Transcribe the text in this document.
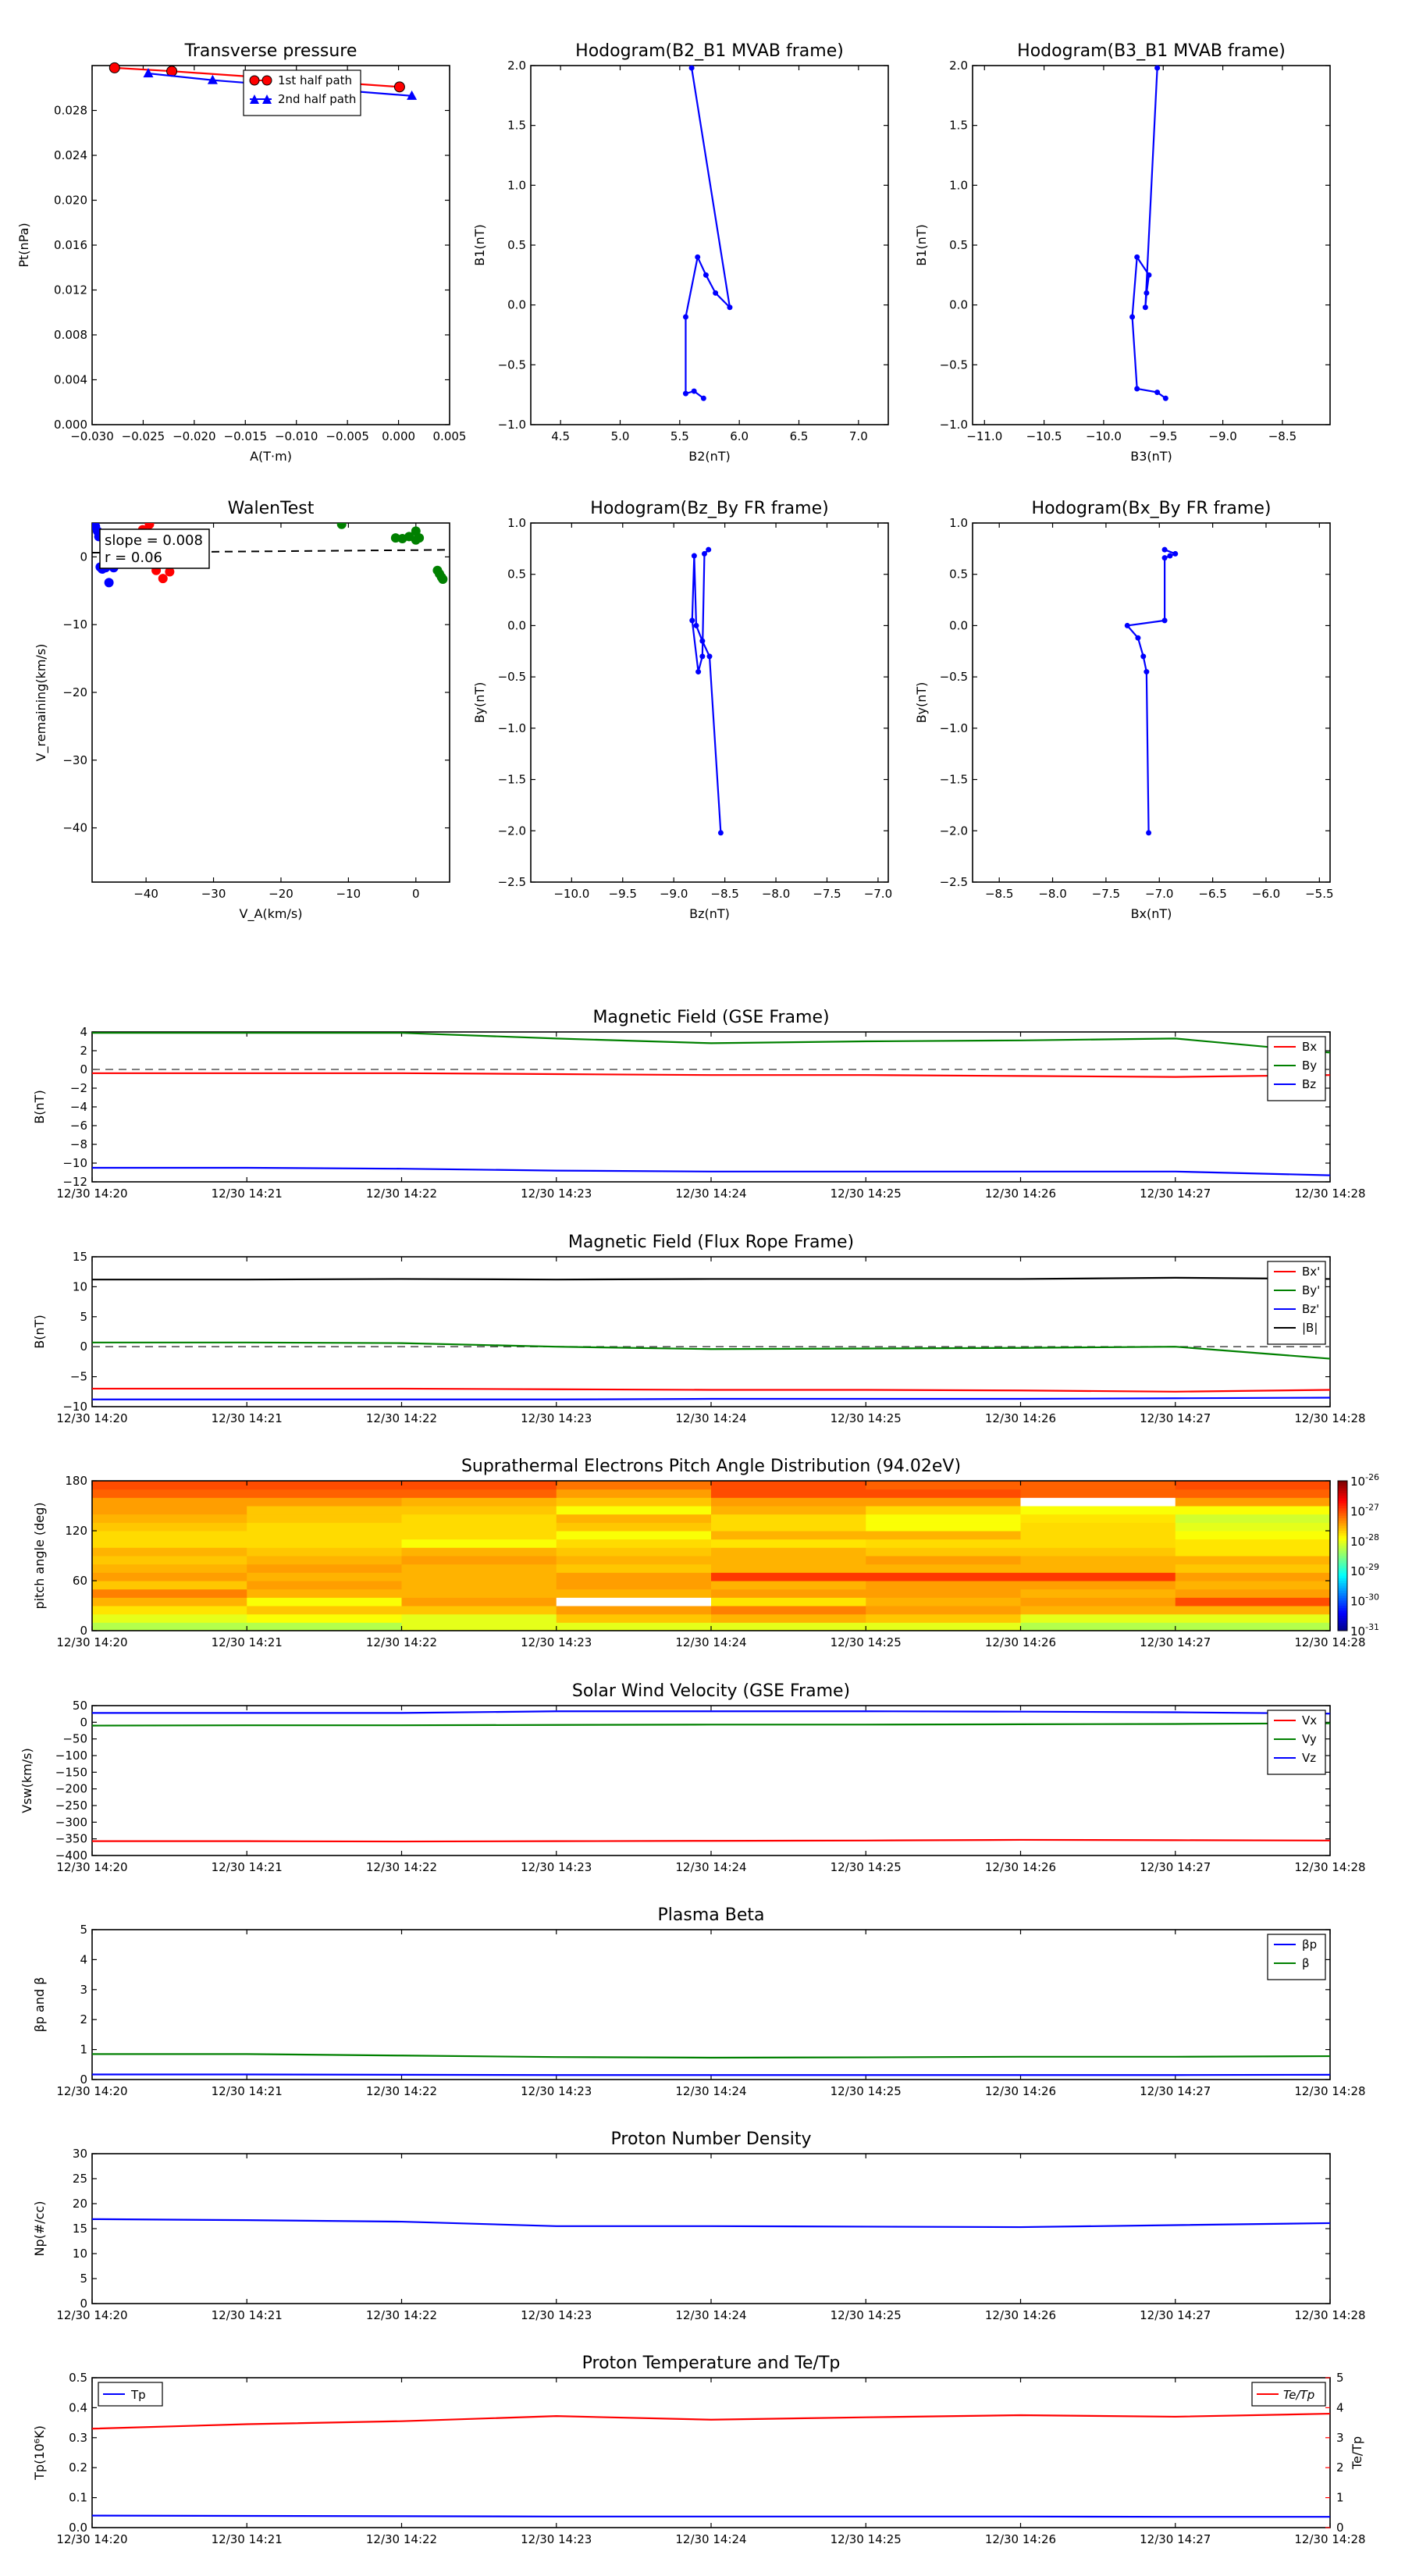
Transverse pressure
−0.030 −0.025 −0.020 −0.015 −0.010 −0.005 0.000 0.005
0.000
0.004
0.008
0.012
0.016
0.020
0.024
0.028
A(T·m)
Pt(nPa)
1st half path
2nd half path
Hodogram(B2_B1 MVAB frame)
4.5	5.0	5.5	6.0	6.5	7.0
−1.0
−0.5
0.0
0.5
1.0
1.5
2.0
B2(nT)
B1(nT)
Hodogram(B3_B1 MVAB frame)
−11.0 −10.5 −10.0 −9.5	−9.0	−8.5
−1.0
−0.5
0.0
0.5
1.0
1.5
2.0
B3(nT)
B1(nT)
Hodogram(Bz_By FR frame)
−10.0 −9.5 −9.0 −8.5 −8.0 −7.5 −7.0
−2.5
−2.0
−1.5
−1.0
−0.5
0.0
0.5
1.0
Bz(nT)
By(nT)
Hodogram(Bx_By FR frame)
−8.5 −8.0 −7.5 −7.0 −6.5 −6.0 −5.5
−2.5
−2.0
−1.5
−1.0
−0.5
0.0
0.5
1.0
Bx(nT)
By(nT)
WalenTest
−40	−30	−20	−10	0
−40
−30
−20
−10
0
V_A(km/s)
V_remaining(km/s)
slope = 0.008
r = 0.06
Magnetic Field (GSE Frame)
12/30 14:20	12/30 14:21	12/30 14:22	12/30 14:23	12/30 14:24	12/30 14:25	12/30 14:26	12/30 14:27	12/30 14:28
−12
−10
−8
−6
−4
−2
0
2
4
B(nT)
Bx
By
Bz
Magnetic Field (Flux Rope Frame)
12/30 14:20	12/30 14:21	12/30 14:22	12/30 14:23	12/30 14:24	12/30 14:25	12/30 14:26	12/30 14:27	12/30 14:28
−10
−5
0
5
10
15
B(nT)
Bx'
By'
Bz'
|B|
Solar Wind Velocity (GSE Frame)
12/30 14:20	12/30 14:21	12/30 14:22	12/30 14:23	12/30 14:24	12/30 14:25	12/30 14:26	12/30 14:27	12/30 14:28
−400
−350
−300
−250
−200
−150
−100
−50
0
50
Vsw(km/s)
Vx
Vy
Vz
Plasma Beta
12/30 14:20	12/30 14:21	12/30 14:22	12/30 14:23	12/30 14:24	12/30 14:25	12/30 14:26	12/30 14:27	12/30 14:28
0
1
2
3
4
5
βp and β
βp
β
Proton Number Density
12/30 14:20	12/30 14:21	12/30 14:22	12/30 14:23	12/30 14:24	12/30 14:25	12/30 14:26	12/30 14:27	12/30 14:28
0
5
10
15
20
25
30
Np(#/cc)
Proton Temperature and Te/Tp
12/30 14:20	12/30 14:21	12/30 14:22	12/30 14:23	12/30 14:24	12/30 14:25	12/30 14:26	12/30 14:27	12/30 14:28
0.0
0.1
0.2
0.3
0.4
0.5
Tp(10⁶K)
0
1
2
3
4
5
Te/Tp
Tp	Te/Tp
Suprathermal Electrons Pitch Angle Distribution (94.02eV)
12/30 14:20	12/30 14:21	12/30 14:22	12/30 14:23	12/30 14:24	12/30 14:25	12/30 14:26	12/30 14:27	12/30 14:28
0
60
120
180
pitch angle (deg)
$10^{-26}$
$10^{-27}$
$10^{-28}$
$10^{-29}$
$10^{-30}$
$10^{-31}$
